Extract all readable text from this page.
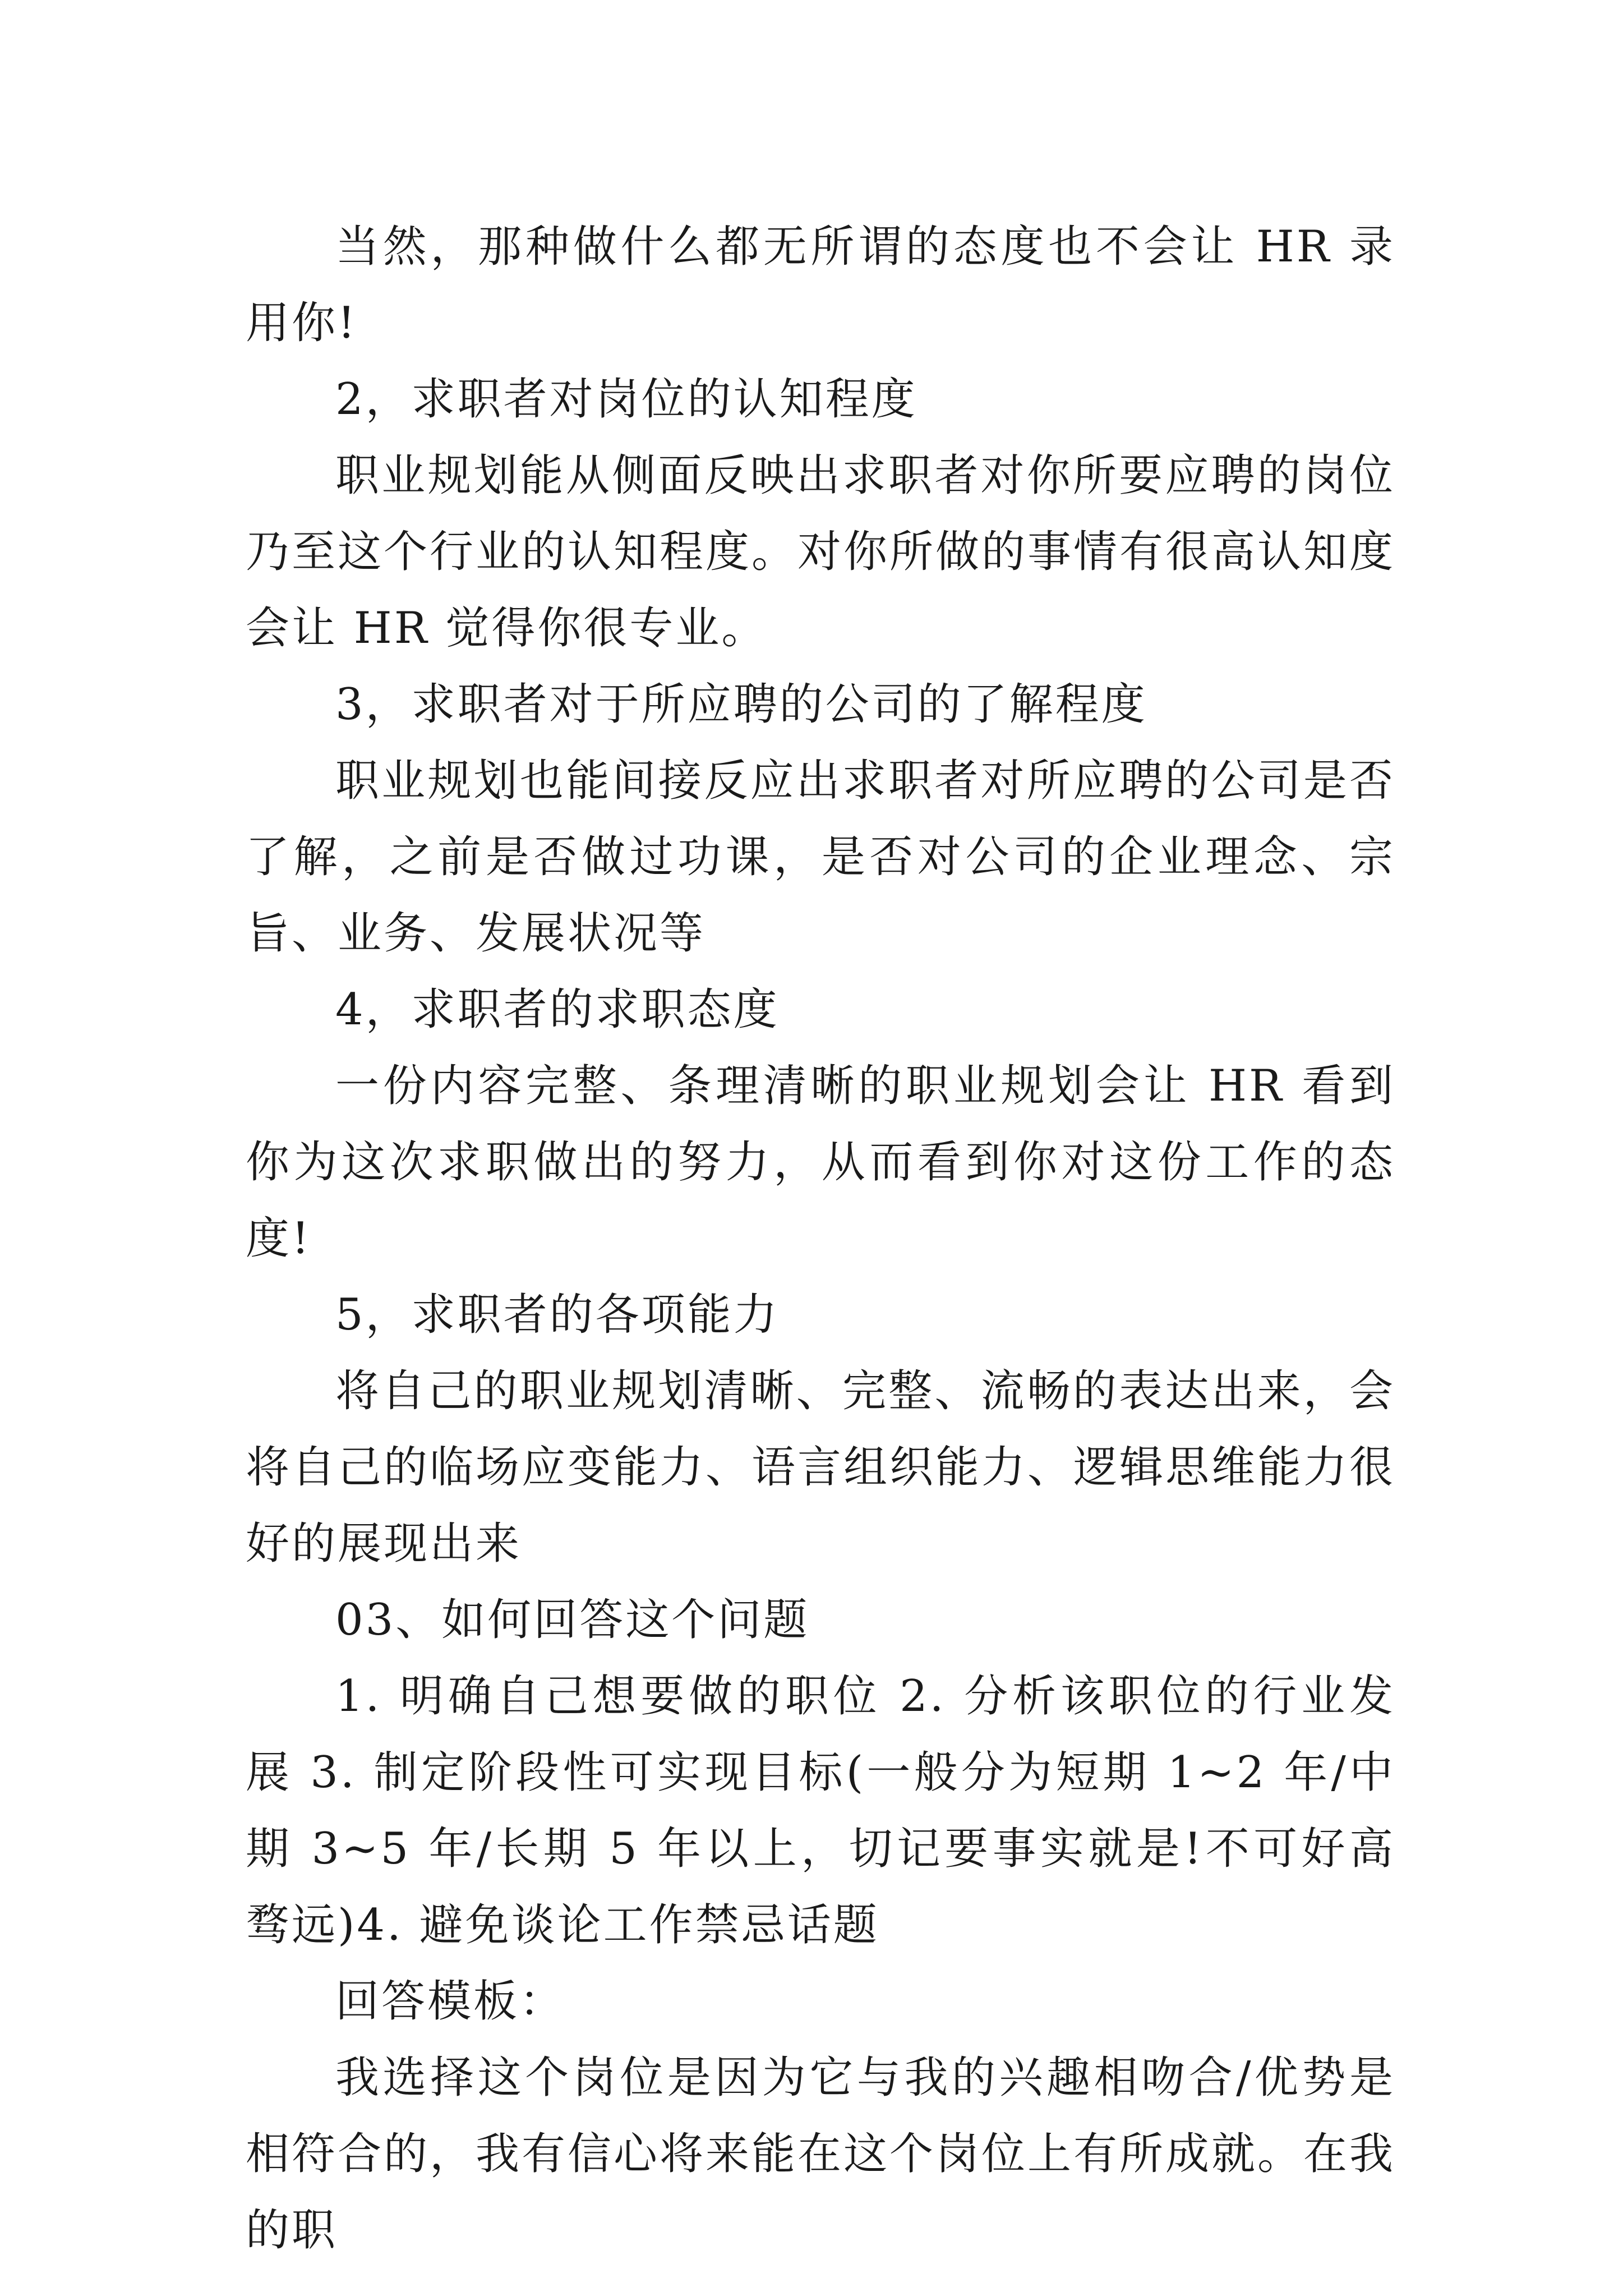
当然，那种做什么都无所谓的态度也不会让 HR 录用你!

2，求职者对岗位的认知程度

职业规划能从侧面反映出求职者对你所要应聘的岗位乃至这个行业的认知程度。对你所做的事情有很高认知度会让 HR 觉得你很专业。

3，求职者对于所应聘的公司的了解程度

职业规划也能间接反应出求职者对所应聘的公司是否了解，之前是否做过功课，是否对公司的企业理念、宗旨、业务、发展状况等

4，求职者的求职态度

一份内容完整、条理清晰的职业规划会让 HR 看到你为这次求职做出的努力，从而看到你对这份工作的态度!

5，求职者的各项能力

将自己的职业规划清晰、完整、流畅的表达出来，会将自己的临场应变能力、语言组织能力、逻辑思维能力很好的展现出来

03、如何回答这个问题

1. 明确自己想要做的职位 2. 分析该职位的行业发展 3. 制定阶段性可实现目标(一般分为短期 1~2 年/中期 3~5 年/长期 5 年以上，切记要事实就是!不可好高骛远)4. 避免谈论工作禁忌话题

回答模板：

我选择这个岗位是因为它与我的兴趣相吻合/优势是相符合的，我有信心将来能在这个岗位上有所成就。在我的职
